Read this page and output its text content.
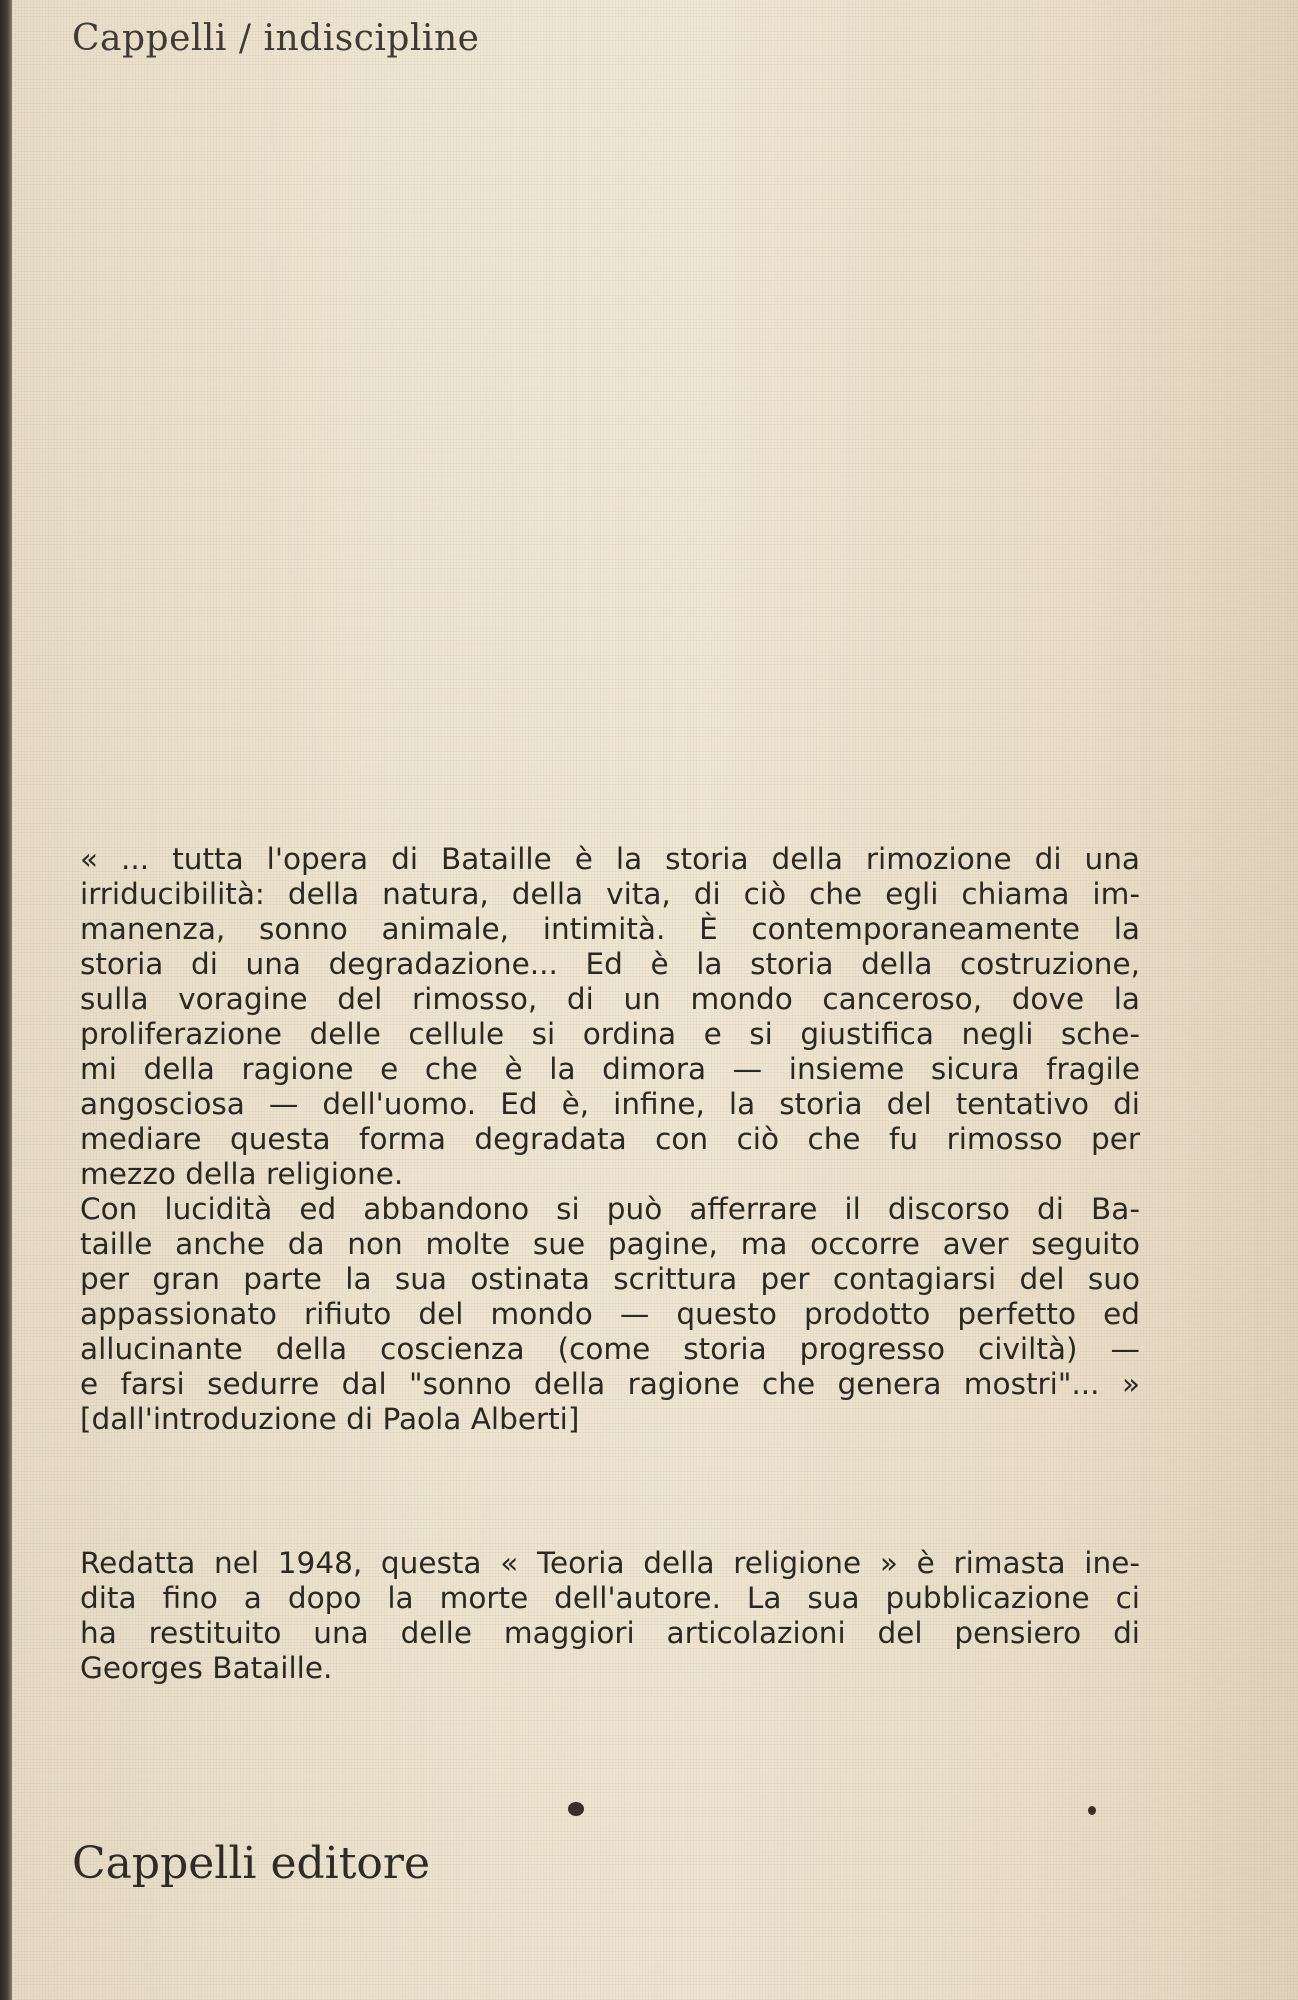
Cappelli / indiscipline
« ... tutta l'opera di Bataille è la storia della rimozione di una
irriducibilità: della natura, della vita, di ciò che egli chiama im-
manenza, sonno animale, intimità. È contemporaneamente la
storia di una degradazione... Ed è la storia della costruzione,
sulla voragine del rimosso, di un mondo canceroso, dove la
proliferazione delle cellule si ordina e si giustifica negli sche-
mi della ragione e che è la dimora — insieme sicura fragile
angosciosa — dell'uomo. Ed è, infine, la storia del tentativo di
mediare questa forma degradata con ciò che fu rimosso per
mezzo della religione.
Con lucidità ed abbandono si può afferrare il discorso di Ba-
taille anche da non molte sue pagine, ma occorre aver seguito
per gran parte la sua ostinata scrittura per contagiarsi del suo
appassionato rifiuto del mondo — questo prodotto perfetto ed
allucinante della coscienza (come storia progresso civiltà) —
e farsi sedurre dal "sonno della ragione che genera mostri"... »
[dall'introduzione di Paola Alberti]
Redatta nel 1948, questa « Teoria della religione » è rimasta ine-
dita fino a dopo la morte dell'autore. La sua pubblicazione ci
ha restituito una delle maggiori articolazioni del pensiero di
Georges Bataille.
Cappelli editore
